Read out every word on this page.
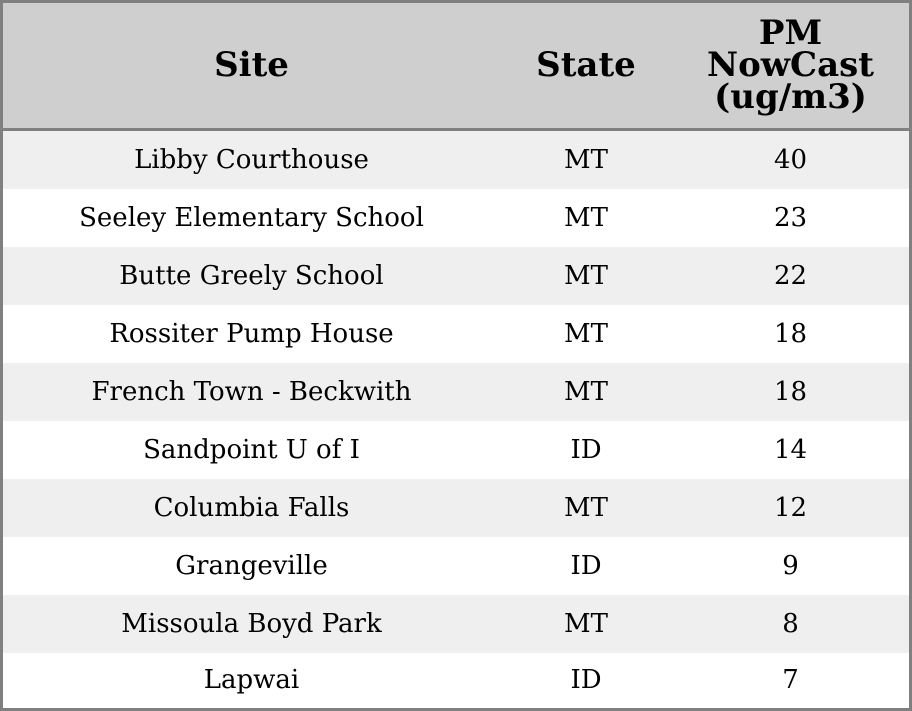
Site	State	PM
NowCast
(ug/m3)
Libby Courthouse	MT	40
Seeley Elementary School	MT	23
Butte Greely School	MT	22
Rossiter Pump House	MT	18
French Town - Beckwith	MT	18
Sandpoint U of I	ID	14
Columbia Falls	MT	12
Grangeville	ID	9
Missoula Boyd Park	MT	8
Lapwai	ID	7
